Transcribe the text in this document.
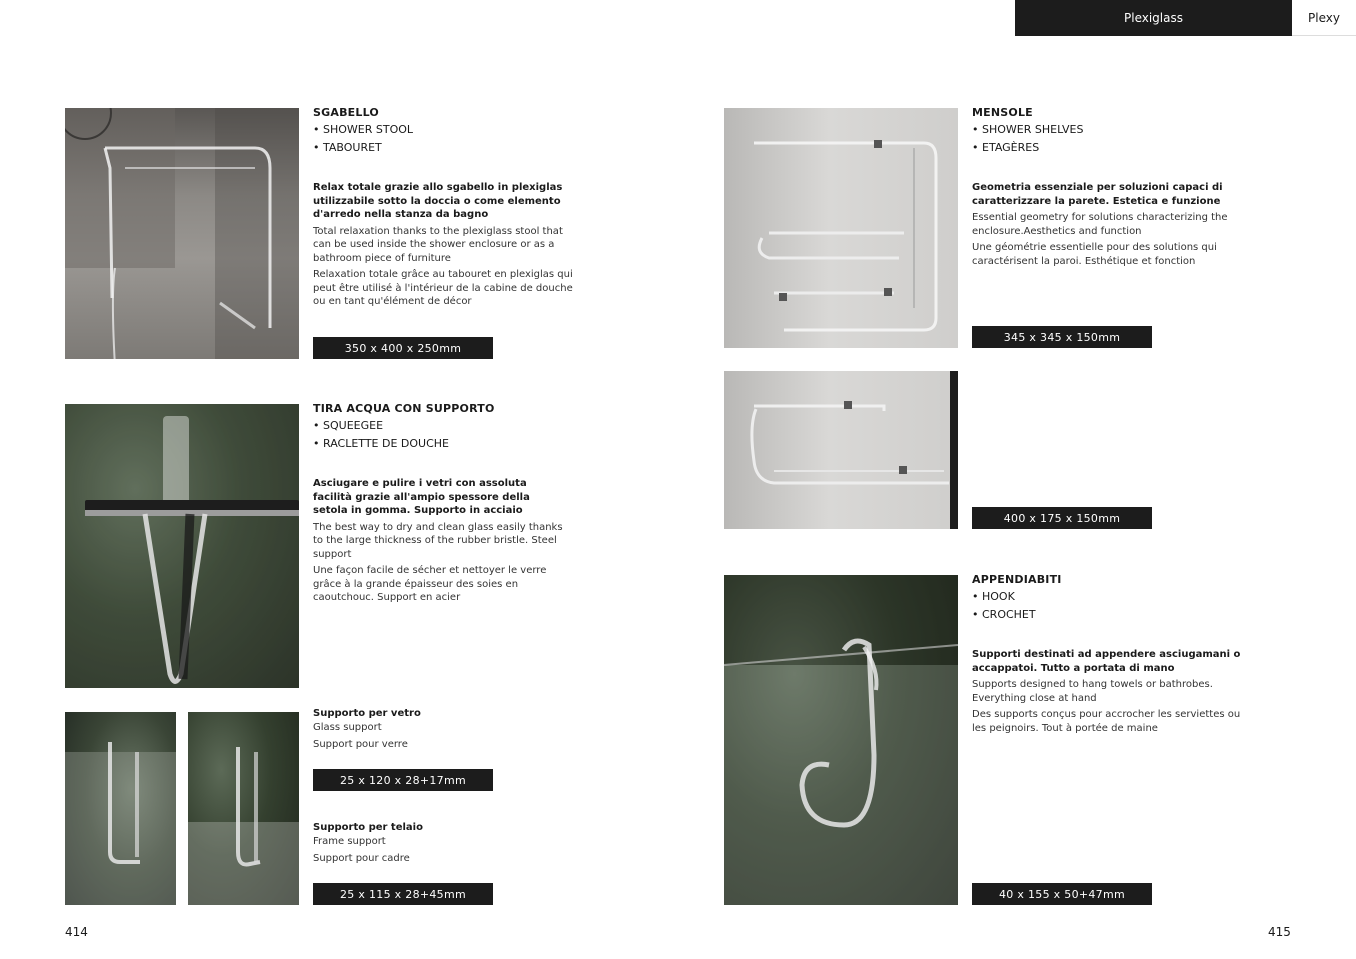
Plexiglass	Plexy
SGABELLO
• SHOWER STOOL
• TABOURET

Relax totale grazie allo sgabello in plexiglas utilizzabile sotto la doccia o come elemento d'arredo nella stanza da bagno

Total relaxation thanks to the plexiglass stool that can be used inside the shower enclosure or as a bathroom piece of furniture

Relaxation totale grâce au tabouret en plexiglas qui peut être utilisé à l'intérieur de la cabine de douche ou en tant qu'élément de décor

350 x 400 x 250mm
TIRA ACQUA CON SUPPORTO
• SQUEEGEE
• RACLETTE DE DOUCHE

Asciugare e pulire i vetri con assoluta facilità grazie all'ampio spessore della setola in gomma. Supporto in acciaio

The best way to dry and clean glass easily thanks to the large thickness of the rubber bristle. Steel support

Une façon facile de sécher et nettoyer le verre grâce à la grande épaisseur des soies en caoutchouc. Support en acier

Supporto per vetro
Glass support
Support pour verre
25 x 120 x 28+17mm
Supporto per telaio
Frame support
Support pour cadre
25 x 115 x 28+45mm
414
MENSOLE
• SHOWER SHELVES
• ETAGÈRES

Geometria essenziale per soluzioni capaci di caratterizzare la parete. Estetica e funzione

Essential geometry for solutions characterizing the enclosure.Aesthetics and function

Une géométrie essentielle pour des solutions qui caractérisent la paroi. Esthétique et fonction

345 x 345 x 150mm
400 x 175 x 150mm
APPENDIABITI
• HOOK
• CROCHET

Supporti destinati ad appendere asciugamani o accappatoi. Tutto a portata di mano

Supports designed to hang towels or bathrobes. Everything close at hand

Des supports conçus pour accrocher les serviettes ou les peignoirs. Tout à portée de maine

40 x 155 x 50+47mm
415
